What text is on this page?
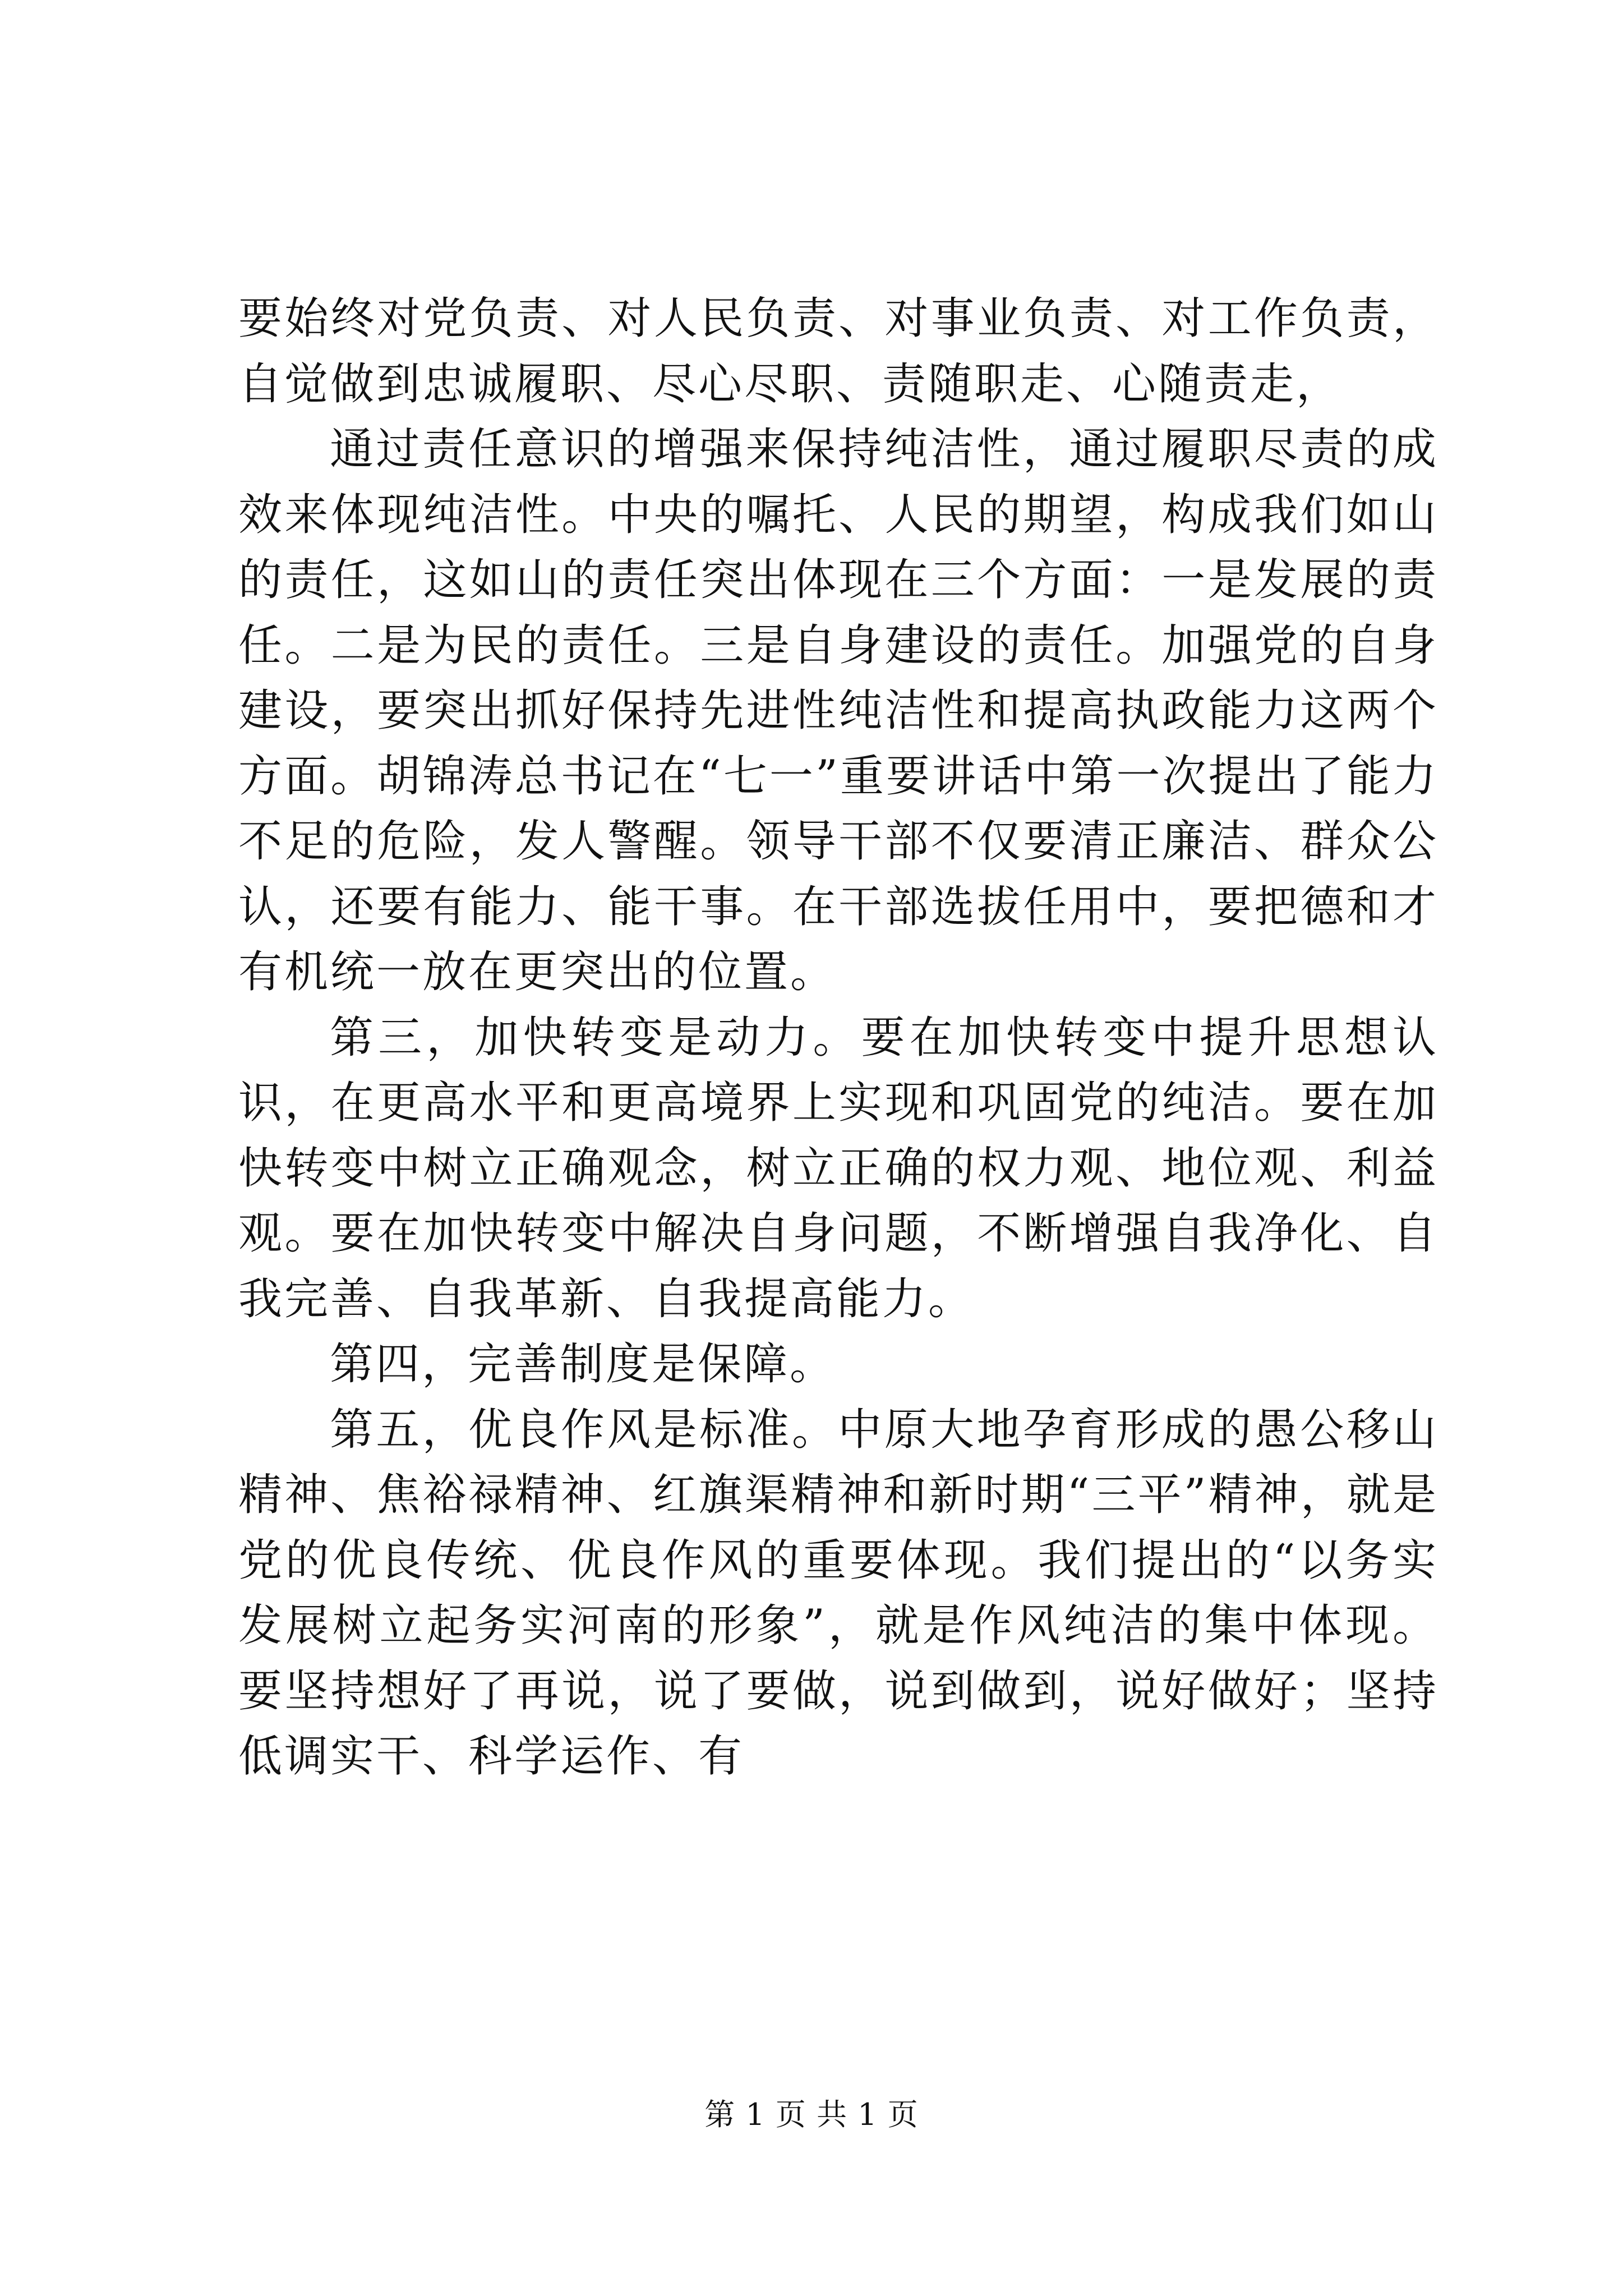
要始终对党负责、对人民负责、对事业负责、对工作负责，自觉做到忠诚履职、尽心尽职、责随职走、心随责走，

通过责任意识的增强来保持纯洁性，通过履职尽责的成效来体现纯洁性。中央的嘱托、人民的期望，构成我们如山的责任，这如山的责任突出体现在三个方面：一是发展的责任。二是为民的责任。三是自身建设的责任。加强党的自身建设，要突出抓好保持先进性纯洁性和提高执政能力这两个方面。胡锦涛总书记在“七一”重要讲话中第一次提出了能力不足的危险，发人警醒。领导干部不仅要清正廉洁、群众公认，还要有能力、能干事。在干部选拔任用中，要把德和才有机统一放在更突出的位置。

第三，加快转变是动力。要在加快转变中提升思想认识，在更高水平和更高境界上实现和巩固党的纯洁。要在加快转变中树立正确观念，树立正确的权力观、地位观、利益观。要在加快转变中解决自身问题，不断增强自我净化、自我完善、自我革新、自我提高能力。

第四，完善制度是保障。

第五，优良作风是标准。中原大地孕育形成的愚公移山精神、焦裕禄精神、红旗渠精神和新时期“三平”精神，就是党的优良传统、优良作风的重要体现。我们提出的“以务实发展树立起务实河南的形象”，就是作风纯洁的集中体现。要坚持想好了再说，说了要做，说到做到，说好做好；坚持低调实干、科学运作、有

第 1 页 共 1 页
